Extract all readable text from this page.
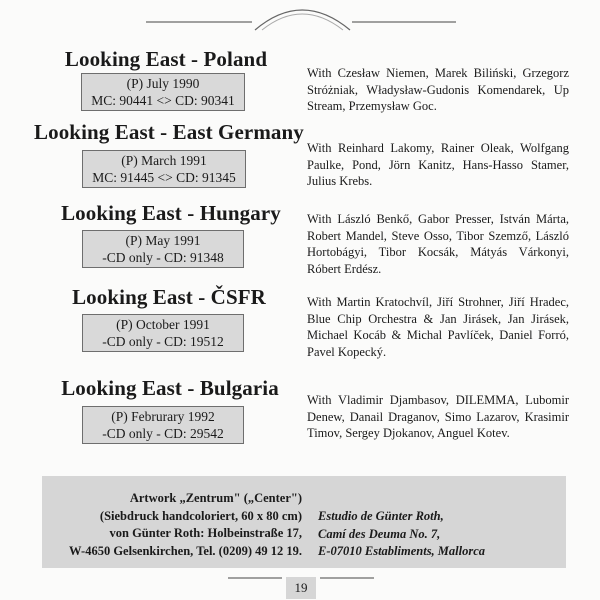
Looking East - Poland
(P) July 1990
MC: 90441 <> CD: 90341
With Czesław Niemen, Marek Biliński, Grzegorz Stróżniak, Władysław-Gudonis Komendarek, Up Stream, Przemysław Goc.
Looking East - East Germany
(P) March 1991
MC: 91445 <> CD: 91345
With Reinhard Lakomy, Rainer Oleak, Wolfgang Paulke, Pond, Jörn Kanitz, Hans-Hasso Stamer, Julius Krebs.
Looking East - Hungary
(P) May 1991
-CD only - CD: 91348
With László Benkő, Gabor Presser, István Márta, Robert Mandel, Steve Osso, Tibor Szemző, László Hortobágyi, Tibor Kocsák, Mátyás Várkonyi, Róbert Erdész.
Looking East - ČSFR
(P) October 1991
-CD only - CD: 19512
With Martin Kratochvíl, Jiří Strohner, Jiří Hradec, Blue Chip Orchestra & Jan Jirásek, Jan Jirásek, Michael Kocáb & Michal Pavlíček, Daniel Forró, Pavel Kopecký.
Looking East - Bulgaria
(P) Februrary 1992
-CD only - CD: 29542
With Vladimir Djambasov, DILEMMA, Lubomir Denew, Danail Draganov, Simo Lazarov, Krasimir Timov, Sergey Djokanov, Anguel Kotev.
Artwork „Zentrum" („Center")
(Siebdruck handcoloriert, 60 x 80 cm)
von Günter Roth: Holbeinstraße 17,
W-4650 Gelsenkirchen, Tel. (0209) 49 12 19.
Estudio de Günter Roth,
Camí des Deuma No. 7,
E-07010 Establiments, Mallorca
19
